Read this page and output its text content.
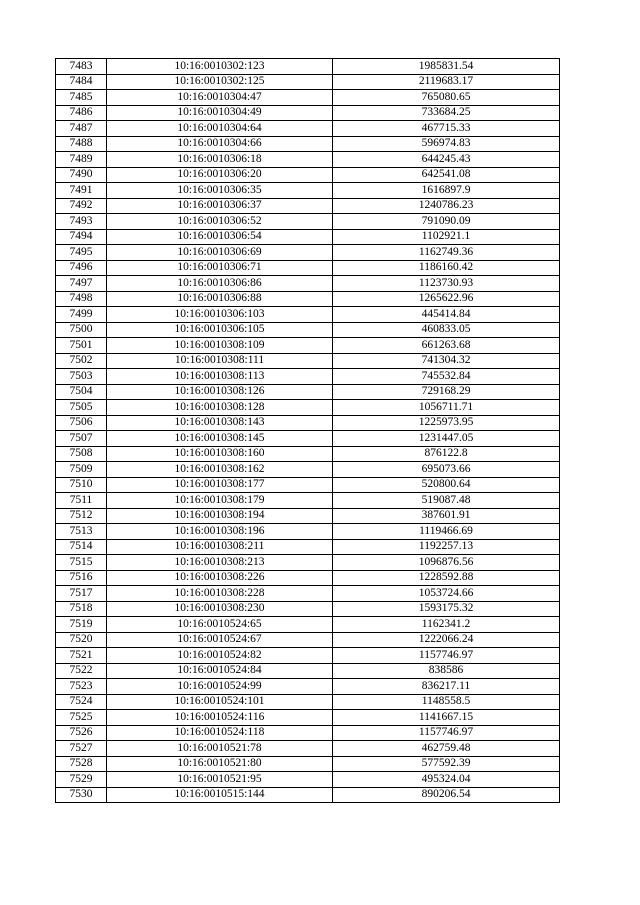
7483	10:16:0010302:123	1985831.54
7484	10:16:0010302:125	2119683.17
7485	10:16:0010304:47	765080.65
7486	10:16:0010304:49	733684.25
7487	10:16:0010304:64	467715.33
7488	10:16:0010304:66	596974.83
7489	10:16:0010306:18	644245.43
7490	10:16:0010306:20	642541.08
7491	10:16:0010306:35	1616897.9
7492	10:16:0010306:37	1240786.23
7493	10:16:0010306:52	791090.09
7494	10:16:0010306:54	1102921.1
7495	10:16:0010306:69	1162749.36
7496	10:16:0010306:71	1186160.42
7497	10:16:0010306:86	1123730.93
7498	10:16:0010306:88	1265622.96
7499	10:16:0010306:103	445414.84
7500	10:16:0010306:105	460833.05
7501	10:16:0010308:109	661263.68
7502	10:16:0010308:111	741304.32
7503	10:16:0010308:113	745532.84
7504	10:16:0010308:126	729168.29
7505	10:16:0010308:128	1056711.71
7506	10:16:0010308:143	1225973.95
7507	10:16:0010308:145	1231447.05
7508	10:16:0010308:160	876122.8
7509	10:16:0010308:162	695073.66
7510	10:16:0010308:177	520800.64
7511	10:16:0010308:179	519087.48
7512	10:16:0010308:194	387601.91
7513	10:16:0010308:196	1119466.69
7514	10:16:0010308:211	1192257.13
7515	10:16:0010308:213	1096876.56
7516	10:16:0010308:226	1228592.88
7517	10:16:0010308:228	1053724.66
7518	10:16:0010308:230	1593175.32
7519	10:16:0010524:65	1162341.2
7520	10:16:0010524:67	1222066.24
7521	10:16:0010524:82	1157746.97
7522	10:16:0010524:84	838586
7523	10:16:0010524:99	836217.11
7524	10:16:0010524:101	1148558.5
7525	10:16:0010524:116	1141667.15
7526	10:16:0010524:118	1157746.97
7527	10:16:0010521:78	462759.48
7528	10:16:0010521:80	577592.39
7529	10:16:0010521:95	495324.04
7530	10:16:0010515:144	890206.54
